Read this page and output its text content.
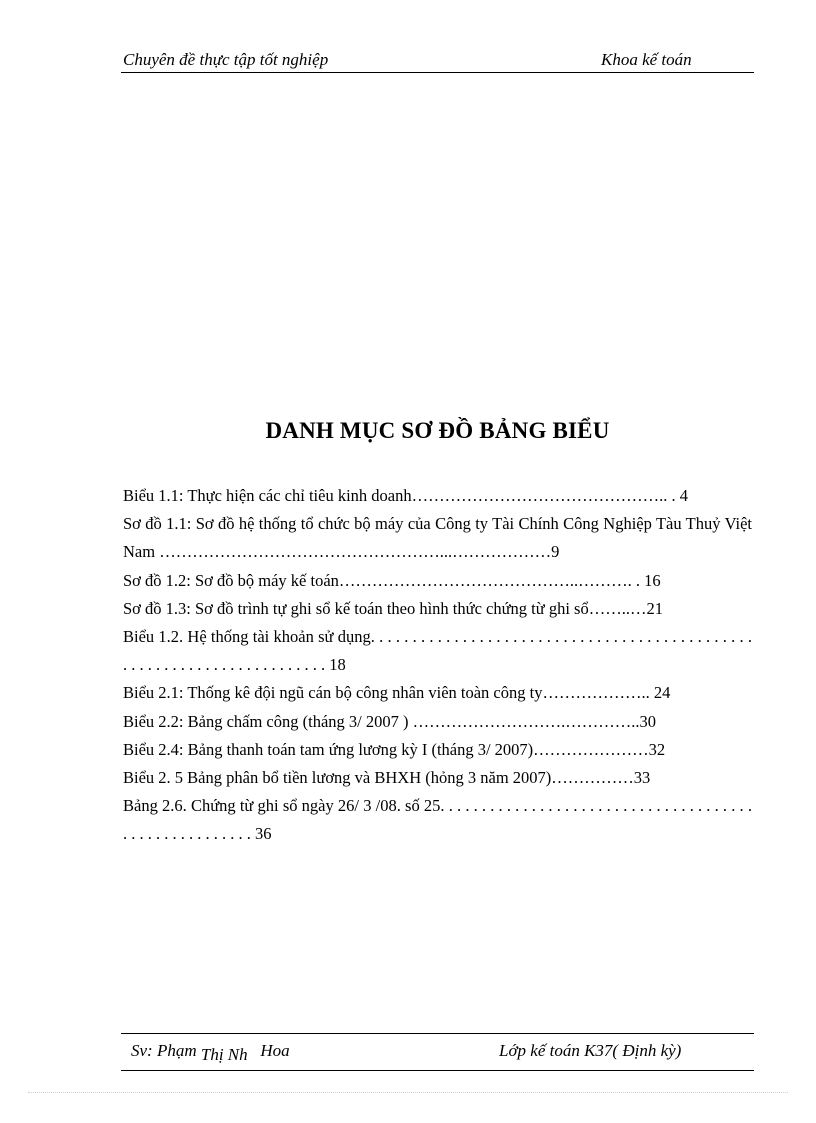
Chuyên đề thực tập tốt nghiệp	Khoa kế toán
DANH MỤC SƠ ĐỒ BẢNG BIỂU
Biểu 1.1: Thực hiện các chỉ tiêu kinh doanh……………………………………….. . 4
Sơ đồ 1.1: Sơ đồ hệ thống tổ chức bộ máy của Công ty Tài Chính Công Nghiệp Tàu Thuỷ Việt Nam ……………………………………………...………………9
Sơ đồ 1.2: Sơ đồ bộ máy kế toán……………………………………..………. . 16
Sơ đồ 1.3: Sơ đồ trình tự ghi sổ kế toán theo hình thức chứng từ ghi sổ……..…21
Biểu 1.2. Hệ thống tài khoản sử dụng. . . . . . . . . . . . . . . . . . . . . . . . . . . . . . . . . . . . . . . . . . . . . . . . . . . . . . . . . . . . . . . . . . . . . . . 18
Biểu 2.1: Thống kê đội ngũ cán bộ công nhân viên toàn công ty……………….. 24
Biểu 2.2: Bảng chấm công (tháng 3/ 2007 ) ……………………….…………..30
Biểu 2.4: Bảng thanh toán tam ứng lương kỳ I (tháng 3/ 2007)…………………32
Biểu 2. 5 Bảng phân bổ tiền lương và BHXH (hỏng 3 năm 2007)……………33
Bảng 2.6. Chứng từ ghi sổ ngày 26/ 3 /08. số 25. . . . . . . . . . . . . . . . . . . . . . . . . . . . . . . . . . . . . . . . . . . . . . . . . . . . . . 36
Sv: Phạm Thị Nh Hoa	Lớp kế toán K37( Định kỳ)
